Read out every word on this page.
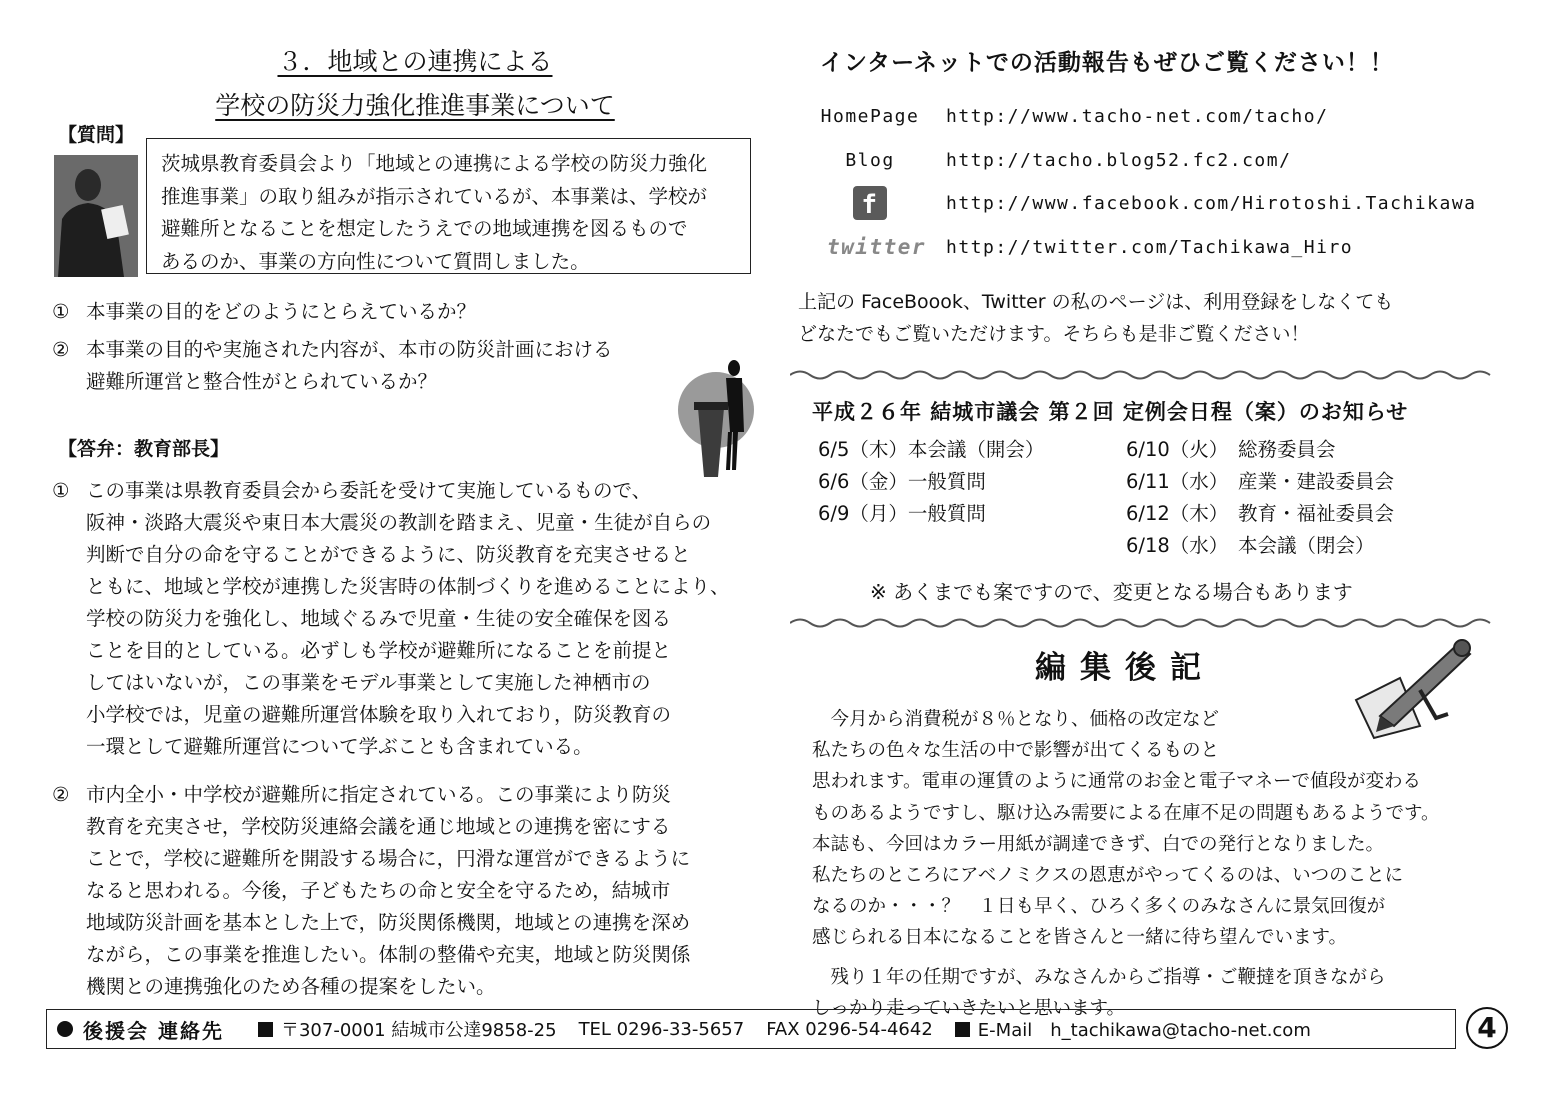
３．地域との連携による
学校の防災力強化推進事業について
【質問】
茨城県教育委員会より「地域との連携による学校の防災力強化
推進事業」の取り組みが指示されているが、本事業は、学校が
避難所となることを想定したうえでの地域連携を図るもので
あるのか、事業の方向性について質問しました。
① 本事業の目的をどのようにとらえているか？
② 本事業の目的や実施された内容が、本市の防災計画における
避難所運営と整合性がとられているか？
【答弁：教育部長】
① この事業は県教育委員会から委託を受けて実施しているもので、
阪神・淡路大震災や東日本大震災の教訓を踏まえ、児童・生徒が自らの
判断で自分の命を守ることができるように、防災教育を充実させると
ともに、地域と学校が連携した災害時の体制づくりを進めることにより、
学校の防災力を強化し、地域ぐるみで児童・生徒の安全確保を図る
ことを目的としている。必ずしも学校が避難所になることを前提と
してはいないが，この事業をモデル事業として実施した神栖市の
小学校では，児童の避難所運営体験を取り入れており，防災教育の
一環として避難所運営について学ぶことも含まれている。
② 市内全小・中学校が避難所に指定されている。この事業により防災
教育を充実させ，学校防災連絡会議を通じ地域との連携を密にする
ことで，学校に避難所を開設する場合に，円滑な運営ができるように
なると思われる。今後，子どもたちの命と安全を守るため，結城市
地域防災計画を基本とした上で，防災関係機関，地域との連携を深め
ながら，この事業を推進したい。体制の整備や充実，地域と防災関係
機関との連携強化のため各種の提案をしたい。
インターネットでの活動報告もぜひご覧ください！！
HomePage	http://www.tacho-net.com/tacho/
Blog	http://tacho.blog52.fc2.com/
f	http://www.facebook.com/Hirotoshi.Tachikawa
twitter http://twitter.com/Tachikawa_Hiro
上記の FaceBoook、Twitter の私のページは、利用登録をしなくても
どなたでもご覧いただけます。そちらも是非ご覧ください！
平成２６年 結城市議会 第２回 定例会日程（案）のお知らせ
6/5（木）本会議（開会）
6/6（金）一般質問
6/9（月）一般質問
6/10（火）　総務委員会
6/11（水）　産業・建設委員会
6/12（木）　教育・福祉委員会
6/18（水）　本会議（閉会）
※ あくまでも案ですので、変更となる場合もあります
編集後記
　今月から消費税が８％となり、価格の改定など
私たちの色々な生活の中で影響が出てくるものと
思われます。電車の運賃のように通常のお金と電子マネーで値段が変わる
ものあるようですし、駆け込み需要による在庫不足の問題もあるようです。
本誌も、今回はカラー用紙が調達できず、白での発行となりました。
私たちのところにアベノミクスの恩恵がやってくるのは、いつのことに
なるのか・・・？　１日も早く、ひろく多くのみなさんに景気回復が
感じられる日本になることを皆さんと一緒に待ち望んでいます。
　残り１年の任期ですが、みなさんからご指導・ご鞭撻を頂きながら
しっかり走っていきたいと思います。
後援会 連絡先	〒307-0001 結城市公達9858-25 TEL 0296-33-5657 FAX 0296-54-4642	E-Mail　h_tachikawa@tacho-net.com	4
